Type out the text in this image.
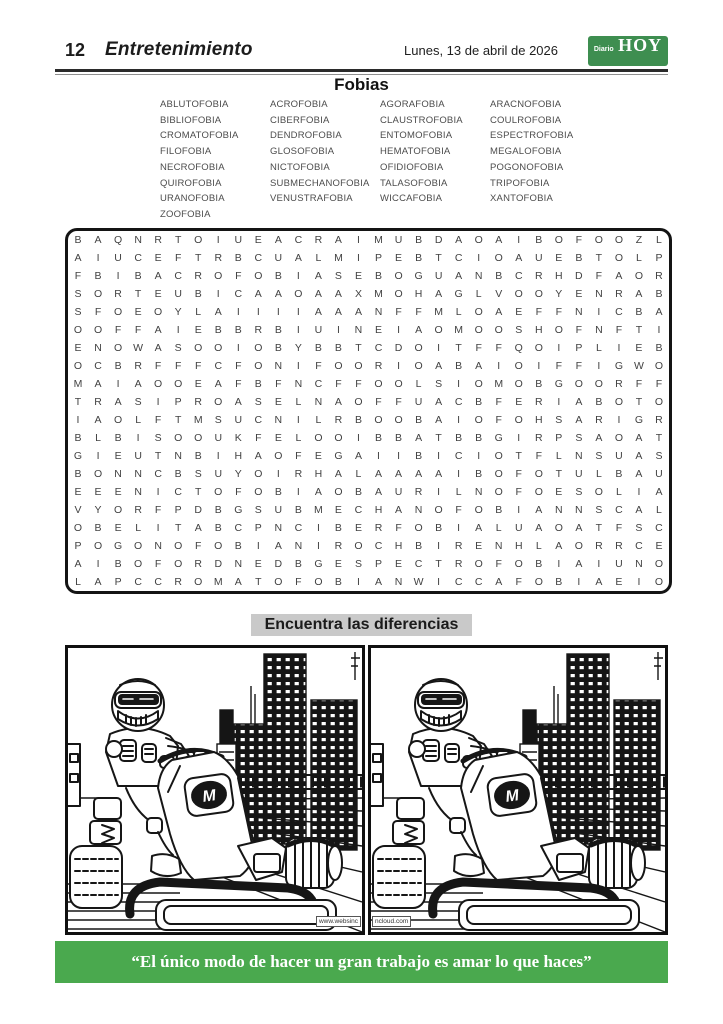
12 Entretenimiento	Lunes, 13 de abril de 2026	Diario HOY
Fobias
ABLUTOFOBIA
BIBLIOFOBIA
CROMATOFOBIA
FILOFOBIA
NECROFOBIA
QUIROFOBIA
URANOFOBIA
ZOOFOBIA
ACROFOBIA
CIBERFOBIA
DENDROFOBIA
GLOSOFOBIA
NICTOFOBIA
SUBMECHANOFOBIA
VENUSTRAFOBIA
AGORAFOBIA
CLAUSTROFOBIA
ENTOMOFOBIA
HEMATOFOBIA
OFIDIOFOBIA
TALASOFOBIA
WICCAFOBIA
ARACNOFOBIA
COULROFOBIA
ESPECTROFOBIA
MEGALOFOBIA
POGONOFOBIA
TRIPOFOBIA
XANTOFOBIA
B	A	Q	N	R	T	O	I	U	E	A	C	R	A	I	M	U	B	D	A	O	A	I	B	O	F	O	O	Z	L
A	I	U	C	E	F	T	R	B	C	U	A	L	M	I	P	E	B	T	C	I	O	A	U	E	B	T	O	L	P
F	B	I	B	A	C	R	O	F	O	B	I	A	S	E	B	O	G	U	A	N	B	C	R	H	D	F	A	O	R
S	O	R	T	E	U	B	I	C	A	A	O	A	A	X	M	O	H	A	G	L	V	O	O	Y	E	N	R	A	B
S	F	O	E	O	Y	L	A	I	I	I	I	A	A	A	N	F	F	M	L	O	A	E	F	F	N	I	C	B	A
O	O	F	F	A	I	E	B	B	R	B	I	U	I	N	E	I	A	O	M	O	O	S	H	O	F	N	F	T	I
E	N	O	W	A	S	O	O	I	O	B	Y	B	B	T	C	D	O	I	T	F	F	Q	O	I	P	L	I	E	B
O	C	B	R	F	F	F	C	F	O	N	I	F	O	O	R	I	O	A	B	A	I	O	I	F	F	I	G	W	O
M	A	I	A	O	O	E	A	F	B	F	N	C	F	F	O	O	L	S	I	O	M	O	B	G	O	O	R	F	F
T	R	A	S	I	P	R	O	A	S	E	L	N	A	O	F	F	U	A	C	B	F	E	R	I	A	B	O	T	O
I	A	O	L	F	T	M	S	U	C	N	I	L	R	B	O	O	B	A	I	O	F	O	H	S	A	R	I	G	R
B	L	B	I	S	O	O	U	K	F	E	L	O	O	I	B	B	A	T	B	B	G	I	R	P	S	A	O	A	T
G	I	E	U	T	N	B	I	H	A	O	F	E	G	A	I	I	B	I	C	I	O	T	F	L	N	S	U	A	S
B	O	N	N	C	B	S	U	Y	O	I	R	H	A	L	A	A	A	A	I	B	O	F	O	T	U	L	B	A	U
E	E	E	N	I	C	T	O	F	O	B	I	A	O	B	A	U	R	I	L	N	O	F	O	E	S	O	L	I	A
V	Y	O	R	F	P	D	B	G	S	U	B	M	E	C	H	A	N	O	F	O	B	I	A	N	N	S	C	A	L
O	B	E	L	I	T	A	B	C	P	N	C	I	B	E	R	F	O	B	I	A	L	U	A	O	A	T	F	S	C
P	O	G	O	N	O	F	O	B	I	A	N	I	R	O	C	H	B	I	R	E	N	H	L	A	O	R	R	C	E
A	I	B	O	F	O	R	D	N	E	D	B	G	E	S	P	E	C	T	R	O	F	O	B	I	A	I	U	N	O
L	A	P	C	C	R	O	M	A	T	O	F	O	B	I	A	N	W	I	C	C	A	F	O	B	I	A	E	I	O
Encuentra las diferencias
www.websinc	ncloud.com
“El único modo de hacer un gran trabajo es amar lo que haces”
